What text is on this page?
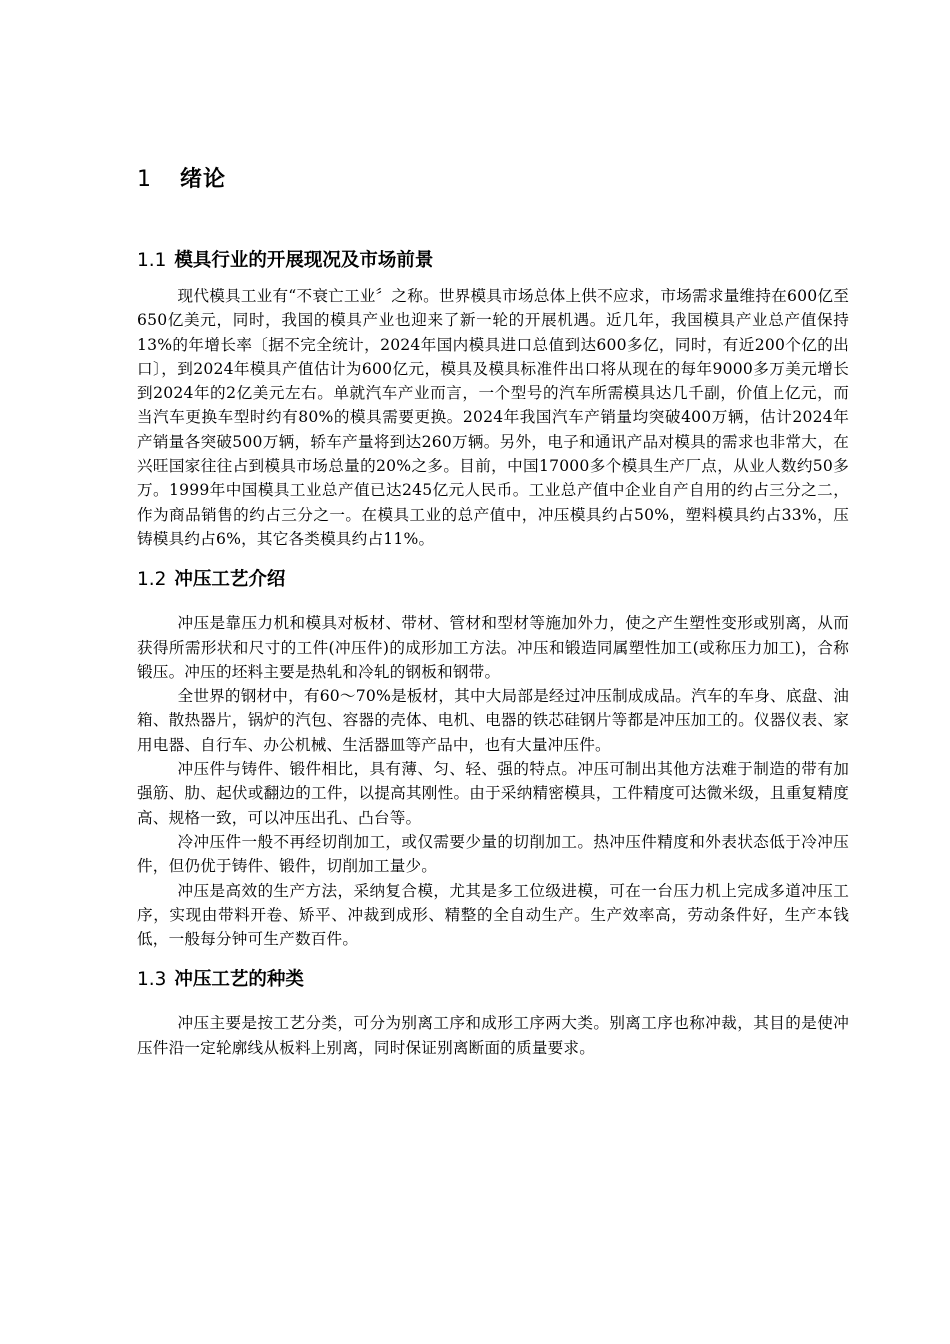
1 绪论
1.1 模具行业的开展现况及市场前景

现代模具工业有“不衰亡工业〞之称。世界模具市场总体上供不应求，市场需求量维持在600亿至650亿美元，同时，我国的模具产业也迎来了新一轮的开展机遇。近几年，我国模具产业总产值保持13%的年增长率〔据不完全统计，2024年国内模具进口总值到达600多亿，同时，有近200个亿的出口〕，到2024年模具产值估计为600亿元，模具及模具标准件出口将从现在的每年9000多万美元增长到2024年的2亿美元左右。单就汽车产业而言，一个型号的汽车所需模具达几千副，价值上亿元，而当汽车更换车型时约有80%的模具需要更换。2024年我国汽车产销量均突破400万辆，估计2024年产销量各突破500万辆，轿车产量将到达260万辆。另外，电子和通讯产品对模具的需求也非常大，在兴旺国家往往占到模具市场总量的20%之多。目前，中国17000多个模具生产厂点，从业人数约50多万。1999年中国模具工业总产值已达245亿元人民币。工业总产值中企业自产自用的约占三分之二，作为商品销售的约占三分之一。在模具工业的总产值中，冲压模具约占50%，塑料模具约占33%，压铸模具约占6%，其它各类模具约占11%。

1.2 冲压工艺介绍

冲压是靠压力机和模具对板材、带材、管材和型材等施加外力，使之产生塑性变形或别离，从而获得所需形状和尺寸的工件(冲压件)的成形加工方法。冲压和锻造同属塑性加工(或称压力加工)，合称锻压。冲压的坯料主要是热轧和冷轧的钢板和钢带。

全世界的钢材中，有60～70%是板材，其中大局部是经过冲压制成成品。汽车的车身、底盘、油箱、散热器片，锅炉的汽包、容器的壳体、电机、电器的铁芯硅钢片等都是冲压加工的。仪器仪表、家用电器、自行车、办公机械、生活器皿等产品中，也有大量冲压件。

冲压件与铸件、锻件相比，具有薄、匀、轻、强的特点。冲压可制出其他方法难于制造的带有加强筋、肋、起伏或翻边的工件，以提高其刚性。由于采纳精密模具，工件精度可达微米级，且重复精度高、规格一致，可以冲压出孔、凸台等。

冷冲压件一般不再经切削加工，或仅需要少量的切削加工。热冲压件精度和外表状态低于冷冲压件，但仍优于铸件、锻件，切削加工量少。

冲压是高效的生产方法，采纳复合模，尤其是多工位级进模，可在一台压力机上完成多道冲压工序，实现由带料开卷、矫平、冲裁到成形、精整的全自动生产。生产效率高，劳动条件好，生产本钱低，一般每分钟可生产数百件。

1.3 冲压工艺的种类

冲压主要是按工艺分类，可分为别离工序和成形工序两大类。别离工序也称冲裁，其目的是使冲压件沿一定轮廓线从板料上别离，同时保证别离断面的质量要求。
